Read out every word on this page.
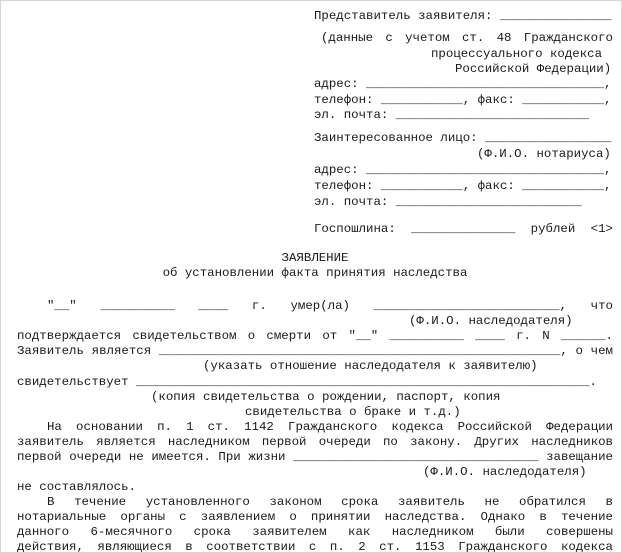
Представитель заявителя: _______________
(данные с учетом ст. 48 Гражданского
процессуального кодекса
Российской Федерации)
адрес: ________________________________,
телефон: ___________, факс: ___________,
эл. почта: __________________________
Заинтересованное лицо: _________________
(Ф.И.О. нотариуса)
адрес: ________________________________,
телефон: ___________, факс: ___________,
эл. почта: _________________________
Госпошлина: ______________ рублей <1>
ЗАЯВЛЕНИЕ
об установлении факта принятия наследства
"__" __________ ____ г. умер(ла) _________________________, что
(Ф.И.О. наследодателя)
подтверждается свидетельством о смерти от "__" __________ ____ г. N ______.
Заявитель является ______________________________________________________, о чем
(указать отношение наследодателя к заявителю)
свидетельствует _____________________________________________________________.
(копия свидетельства о рождении, паспорт, копия
свидетельства о браке и т.д.)
На основании п. 1 ст. 1142 Гражданского кодекса Российской Федерации
заявитель является наследником первой очереди по закону. Других наследников
первой очереди не имеется. При жизни _________________________________ завещание
(Ф.И.О. наследодателя)
не составлялось.
В течение установленного законом срока заявитель не обратился в
нотариальные органы с заявлением о принятии наследства. Однако в течение
данного 6-месячного срока заявителем как наследником были совершены
действия, являющиеся в соответствии с п. 2 ст. 1153 Гражданского кодекса
